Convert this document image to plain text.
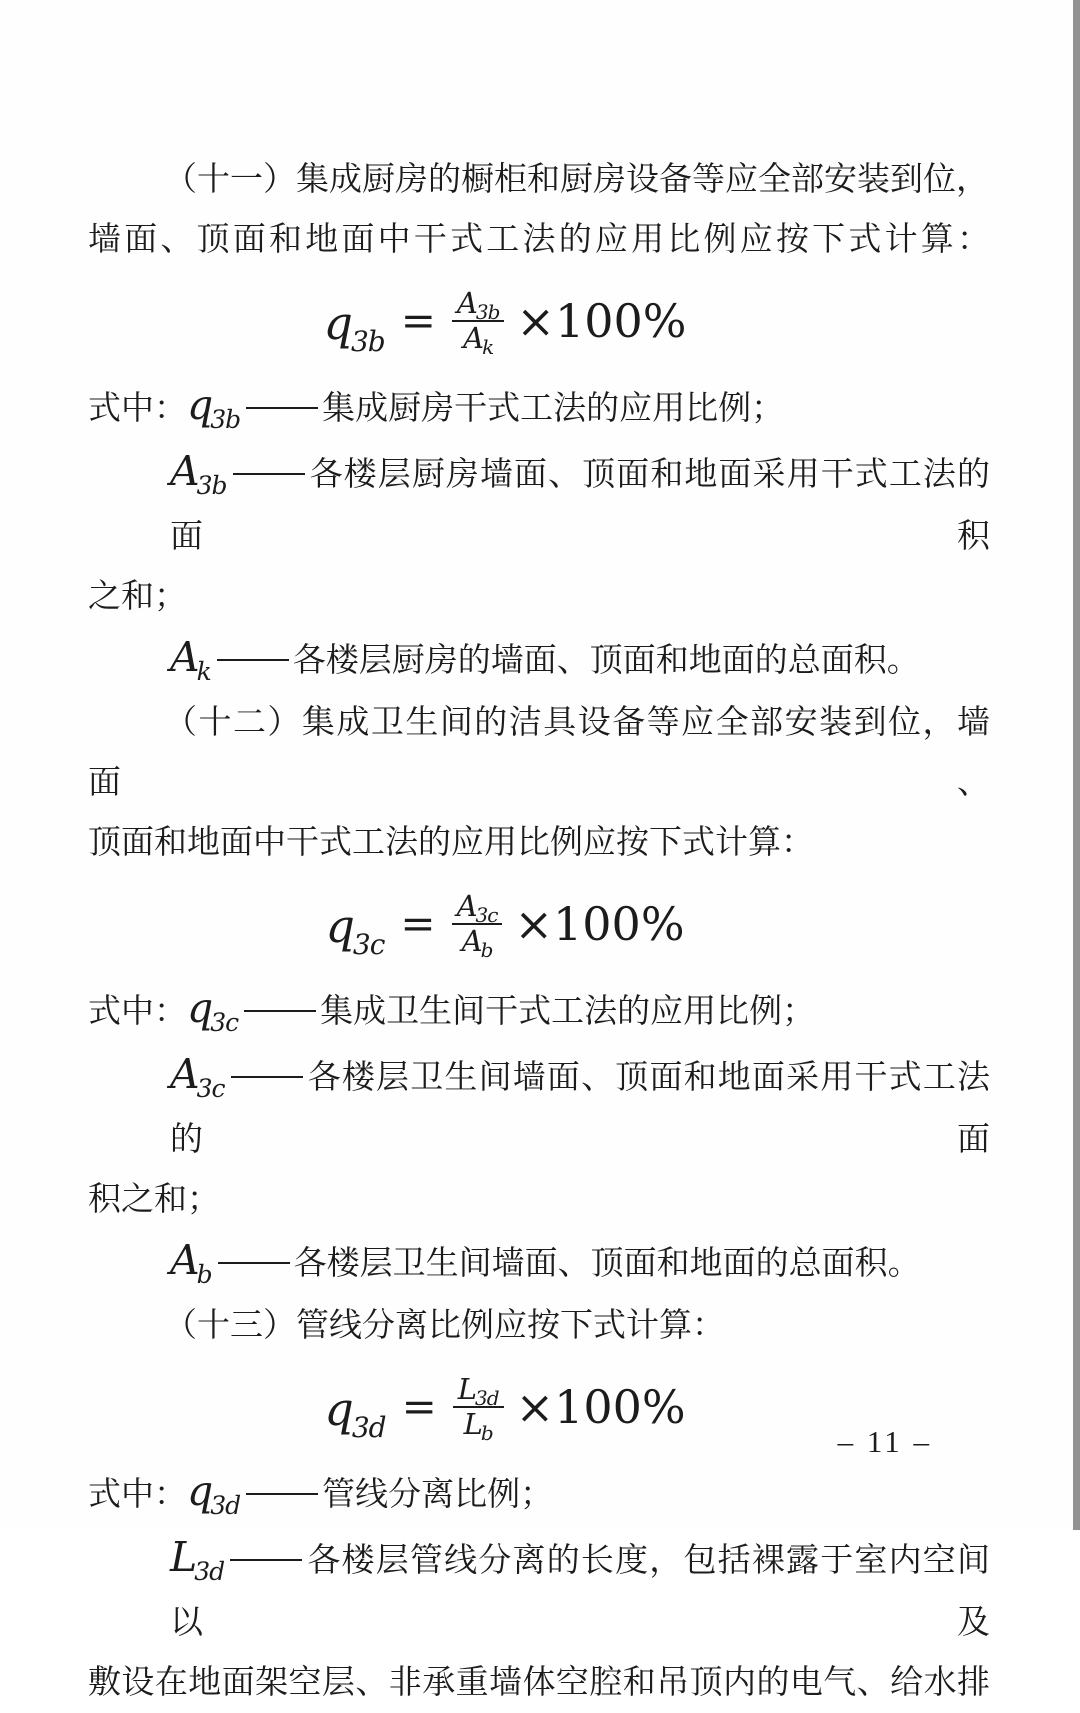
（十一）集成厨房的橱柜和厨房设备等应全部安装到位，

墙面、顶面和地面中干式工法的应用比例应按下式计算：

$q3b = \frac{A3b}{Ak} \times 100\%$

式中：$q_{3b}$ 集成厨房干式工法的应用比例；

$A_{3b}$ 各楼层厨房墙面、顶面和地面采用干式工法的面积

之和；

$A_k$ 各楼层厨房的墙面、顶面和地面的总面积。

（十二）集成卫生间的洁具设备等应全部安装到位，墙面、

顶面和地面中干式工法的应用比例应按下式计算：

$q3c = \frac{A3c}{Ab} \times 100\%$

式中：$q_{3c}$ 集成卫生间干式工法的应用比例；

$A_{3c}$ 各楼层卫生间墙面、顶面和地面采用干式工法的面

积之和；

$A_b$ 各楼层卫生间墙面、顶面和地面的总面积。

（十三）管线分离比例应按下式计算：

$q3d = \frac{L3d}{Lb} \times 100\%$

式中：$q_{3d}$ 管线分离比例；

$L_{3d}$ 各楼层管线分离的长度，包括裸露于室内空间以及

敷设在地面架空层、非承重墙体空腔和吊顶内的电气、给水排

– 11 –
